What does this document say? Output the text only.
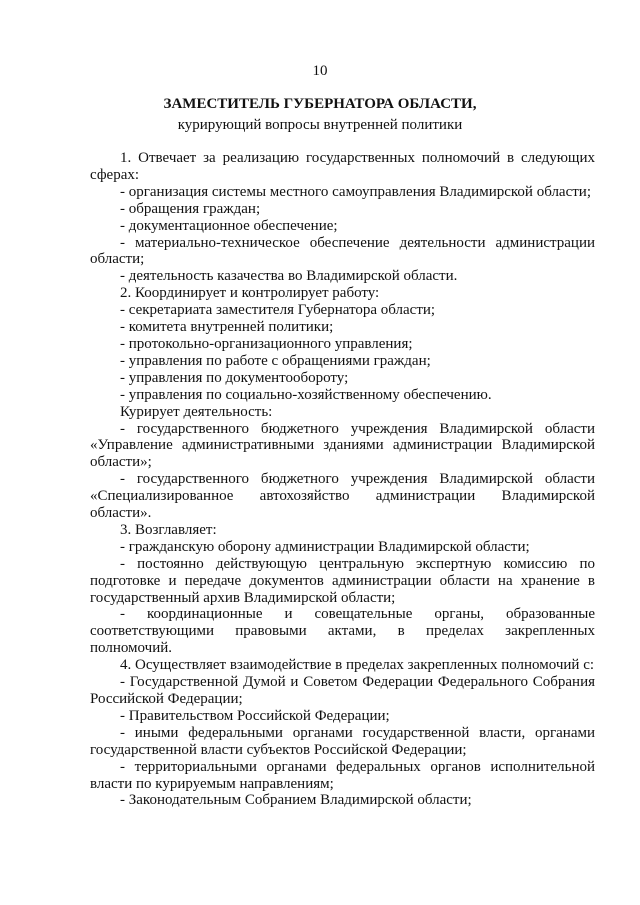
10
ЗАМЕСТИТЕЛЬ ГУБЕРНАТОРА ОБЛАСТИ,
курирующий вопросы внутренней политики

1. Отвечает за реализацию государственных полномочий в следующих сферах:

- организация системы местного самоуправления Владимирской области;

- обращения граждан;

- документационное обеспечение;

- материально-техническое обеспечение деятельности администрации области;

- деятельность казачества во Владимирской области.

2. Координирует и контролирует работу:

- секретариата заместителя Губернатора области;

- комитета внутренней политики;

- протокольно-организационного управления;

- управления по работе с обращениями граждан;

- управления по документообороту;

- управления по социально-хозяйственному обеспечению.

Курирует деятельность:

- государственного бюджетного учреждения Владимирской области «Управление административными зданиями администрации Владимирской области»;

- государственного бюджетного учреждения Владимирской области

«Специализированное автохозяйство администрации Владимирской

области».

3. Возглавляет:

- гражданскую оборону администрации Владимирской области;

- постоянно действующую центральную экспертную комиссию по подготовке и передаче документов администрации области на хранение в государственный архив Владимирской области;

- координационные и совещательные органы, образованные

соответствующими правовыми актами, в пределах закрепленных

полномочий.

4. Осуществляет взаимодействие в пределах закрепленных полномочий с:

- Государственной Думой и Советом Федерации Федерального Собрания Российской Федерации;

- Правительством Российской Федерации;

- иными федеральными органами государственной власти, органами государственной власти субъектов Российской Федерации;

- территориальными органами федеральных органов исполнительной власти по курируемым направлениям;

- Законодательным Собранием Владимирской области;
